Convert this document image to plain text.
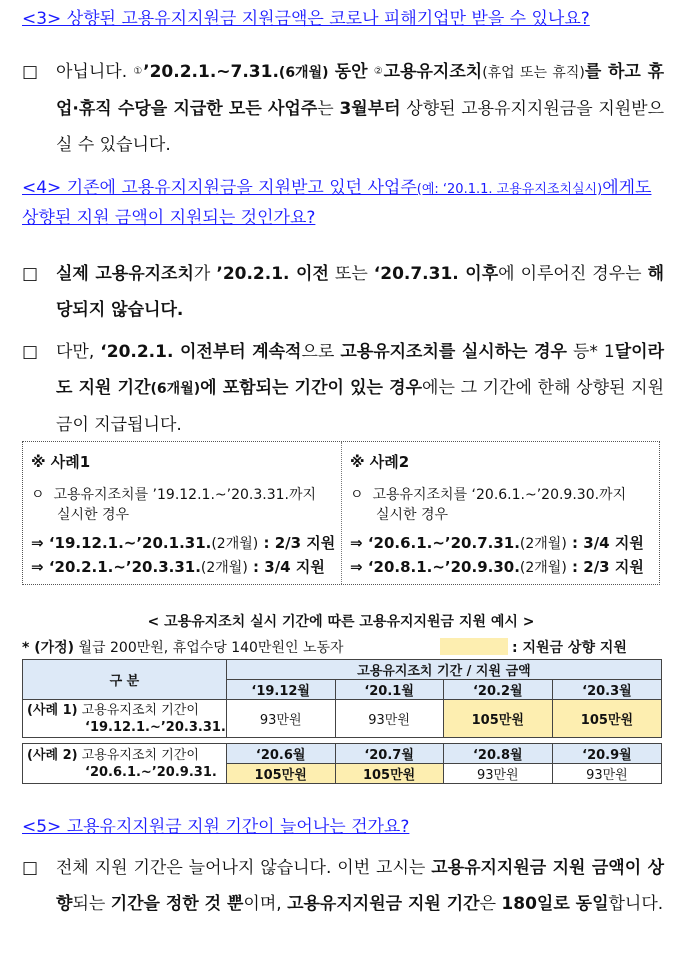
<3> 상향된 고용유지지원금 지원금액은 코로나 피해기업만 받을 수 있나요?
□ 아닙니다. ①’20.2.1.~7.31.(6개월) 동안 ②고용유지조치(휴업 또는 휴직)를 하고 휴업·휴직 수당을 지급한 모든 사업주는 3월부터 상향된 고용유지지원금을 지원받으실 수 있습니다.
<4> 기존에 고용유지지원금을 지원받고 있던 사업주(예: ‘20.1.1. 고용유지조치실시)에게도 상향된 지원 금액이 지원되는 것인가요?
□ 실제 고용유지조치가 ’20.2.1. 이전 또는 ‘20.7.31. 이후에 이루어진 경우는 해당되지 않습니다.
□ 다만, ‘20.2.1. 이전부터 계속적으로 고용유지조치를 실시하는 경우 등* 1달이라도 지원 기간(6개월)에 포함되는 기간이 있는 경우에는 그 기간에 한해 상향된 지원금이 지급됩니다.
※ 사례1
ㅇ 고용유지조치를 ’19.12.1.~’20.3.31.까지
실시한 경우
⇒ ‘19.12.1.~’20.1.31.(2개월) : 2/3 지원
⇒ ‘20.2.1.~’20.3.31.(2개월) : 3/4 지원
※ 사례2
ㅇ 고용유지조치를 ‘20.6.1.~’20.9.30.까지
실시한 경우
⇒ ‘20.6.1.~’20.7.31.(2개월) : 3/4 지원
⇒ ‘20.8.1.~’20.9.30.(2개월) : 2/3 지원
< 고용유지조치 실시 기간에 따른 고용유지지원금 지원 예시 >
* (가정) 월급 200만원, 휴업수당 140만원인 노동자	: 지원금 상향 지원
구 분	고용유지조치 기간 / 지원 금액			
	‘19.12월	‘20.1월	‘20.2월	‘20.3월
(사례 1) 고용유지조치 기간이
‘19.12.1.~’20.3.31.	93만원	93만원	105만원	105만원

(사례 2) 고용유지조치 기간이
‘20.6.1.~’20.9.31.	‘20.6월	‘20.7월	‘20.8월	‘20.9월
	105만원	105만원	93만원	93만원
<5> 고용유지지원금 지원 기간이 늘어나는 건가요?
□ 전체 지원 기간은 늘어나지 않습니다. 이번 고시는 고용유지지원금 지원 금액이 상향되는 기간을 정한 것 뿐이며, 고용유지지원금 지원 기간은 180일로 동일합니다.
